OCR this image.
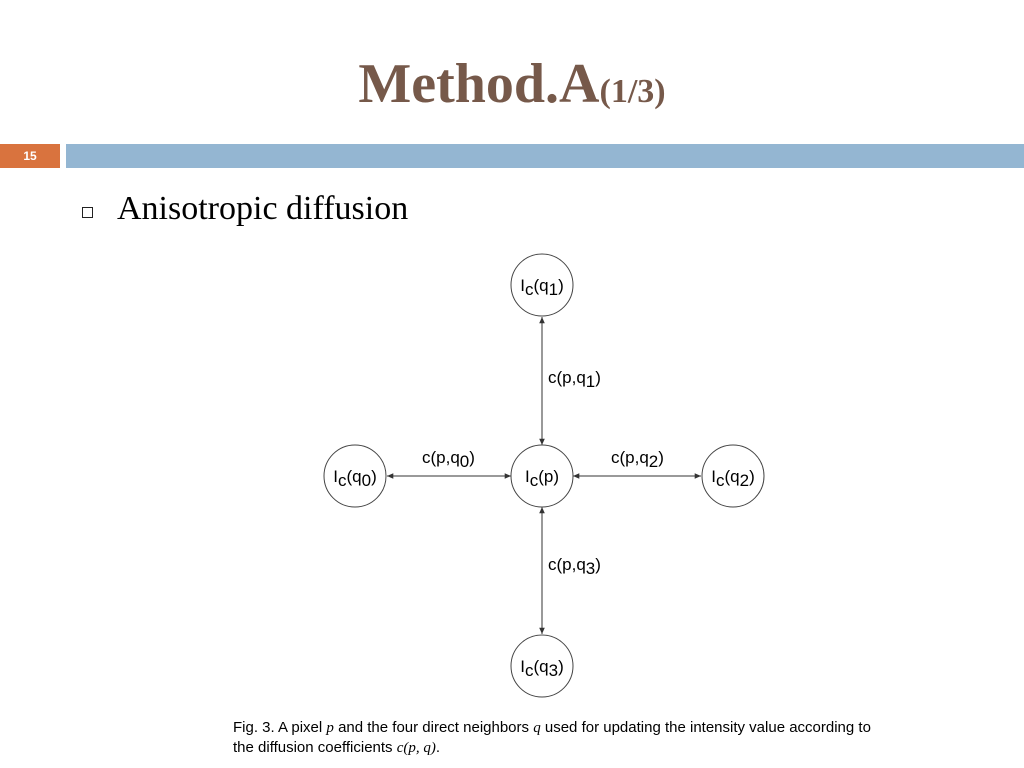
Method.A(1/3)
15
Anisotropic diffusion
Ic(p)
Ic(q1)
Ic(q0)	Ic(q2)
Ic(q3)
c(p,q1)
c(p,q0)	c(p,q2)
c(p,q3)
Fig. 3. A pixel p and the four direct neighbors q used for updating the intensity value according to the diffusion coefficients c(p, q).
